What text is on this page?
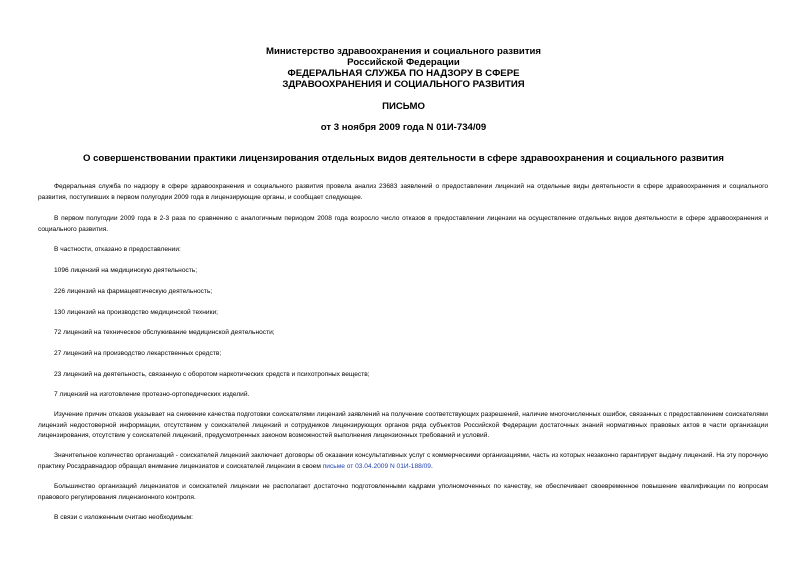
Министерство здравоохранения и социального развития

Российской Федерации

ФЕДЕРАЛЬНАЯ СЛУЖБА ПО НАДЗОРУ В СФЕРЕ

ЗДРАВООХРАНЕНИЯ И СОЦИАЛЬНОГО РАЗВИТИЯ

ПИСЬМО

от 3 ноября 2009 года N 01И-734/09

О совершенствовании практики лицензирования отдельных видов деятельности в сфере здравоохранения и социального развития

Федеральная служба по надзору в сфере здравоохранения и социального развития провела анализ 23683 заявлений о предоставлении лицензий на отдельные виды деятельности в сфере здравоохранения и социального развития, поступивших в первом полугодии 2009 года в лицензирующие органы, и сообщает следующее.

В первом полугодии 2009 года в 2-3 раза по сравнению с аналогичным периодом 2008 года возросло число отказов в предоставлении лицензии на осуществление отдельных видов деятельности в сфере здравоохранения и социального развития.

В частности, отказано в предоставлении:

1096 лицензий на медицинскую деятельность;

226 лицензий на фармацевтическую деятельность;

130 лицензий на производство медицинской техники;

72 лицензий на техническое обслуживание медицинской деятельности;

27 лицензий на производство лекарственных средств;

23 лицензий на деятельность, связанную с оборотом наркотических средств и психотропных веществ;

7 лицензий на изготовление протезно-ортопедических изделий.

Изучение причин отказов указывает на снижение качества подготовки соискателями лицензий заявлений на получение соответствующих разрешений, наличие многочисленных ошибок, связанных с предоставлением соискателями лицензий недостоверной информации, отсутствием у соискателей лицензий и сотрудников лицензирующих органов ряда субъектов Российской Федерации достаточных знаний нормативных правовых актов в части организации лицензирования, отсутствие у соискателей лицензий, предусмотренных законом возможностей выполнения лицензионных требований и условий.

Значительное количество организаций - соискателей лицензий заключает договоры об оказании консультативных услуг с коммерческими организациями, часть из которых незаконно гарантирует выдачу лицензий. На эту порочную практику Росздравнадзор обращал внимание лицензиатов и соискателей лицензии в своем письме от 03.04.2009 N 01И-188/09.

Большинство организаций лицензиатов и соискателей лицензии не располагает достаточно подготовленными кадрами уполномоченных по качеству, не обеспечивает своевременное повышение квалификации по вопросам правового регулирования лицензионного контроля.

В связи с изложенным считаю необходимым:
